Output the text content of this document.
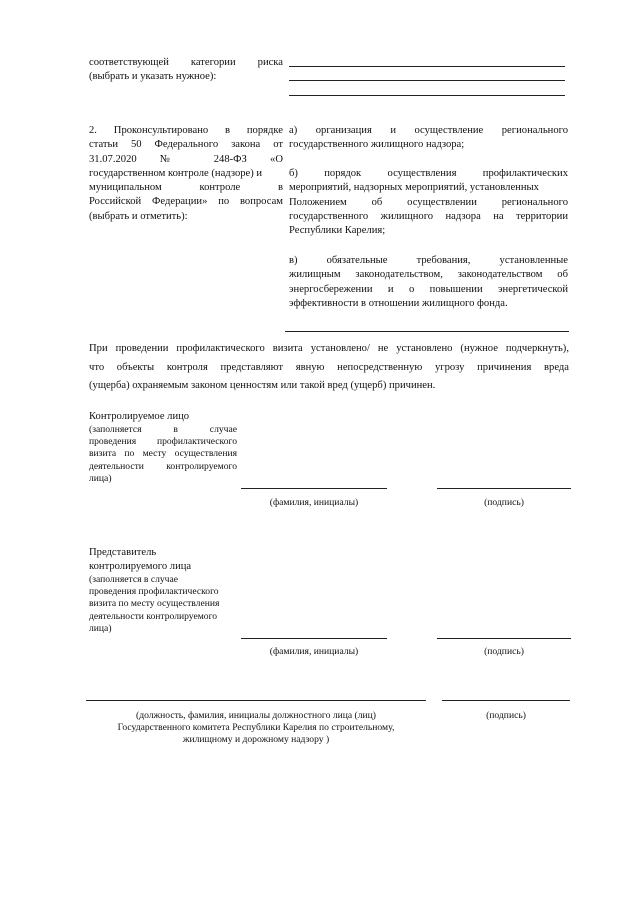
соответствующей категории риска
(выбрать и указать нужное):
2. Проконсультировано в порядке
статьи 50 Федерального закона от
31.07.2020 № 248-ФЗ «О
государственном контроле (надзоре) и
муниципальном контроле в
Российской Федерации» по вопросам
(выбрать и отметить):
а) организация и осуществление регионального
государственного жилищного надзора;
б) порядок осуществления профилактических
мероприятий, надзорных мероприятий, установленных
Положением об осуществлении регионального
государственного жилищного надзора на территории
Республики Карелия;
в) обязательные требования, установленные
жилищным законодательством, законодательством об
энергосбережении и о повышении энергетической
эффективности в отношении жилищного фонда.
При проведении профилактического визита установлено/ не установлено (нужное подчеркнуть),
что объекты контроля представляют явную непосредственную угрозу причинения вреда
(ущерба) охраняемым законом ценностям или такой вред (ущерб) причинен.
Контролируемое лицо
(заполняется в случае
проведения профилактического
визита по месту осуществления
деятельности контролируемого
лица)
(фамилия, инициалы)	(подпись)
Представитель
контролируемого лица
(заполняется в случае
проведения профилактического
визита по месту осуществления
деятельности контролируемого
лица)
(фамилия, инициалы)	(подпись)
(должность, фамилия, инициалы должностного лица (лиц)
Государственного комитета Республики Карелия по строительному,
жилищному и дорожному надзору )
(подпись)
